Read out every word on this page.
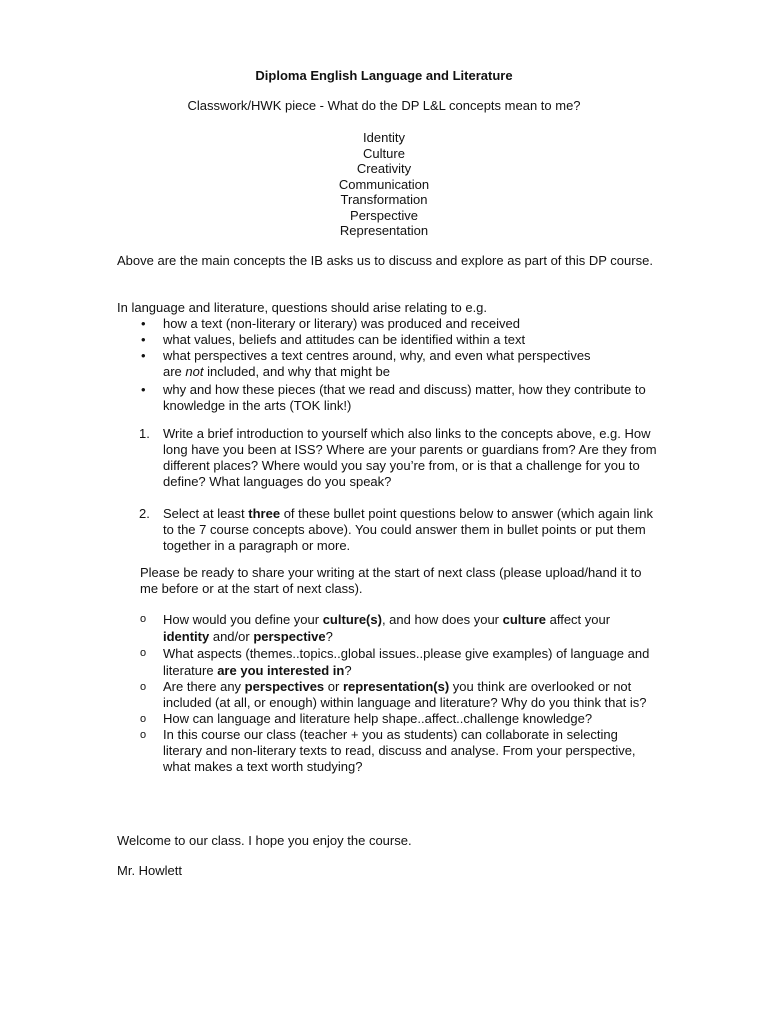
Diploma English Language and Literature
Classwork/HWK piece - What do the DP L&L concepts mean to me?
Identity
Culture
Creativity
Communication
Transformation
Perspective
Representation
Above are the main concepts the IB asks us to discuss and explore as part of this DP course.
In language and literature, questions should arise relating to e.g.
• how a text (non-literary or literary) was produced and received
• what values, beliefs and attitudes can be identified within a text
• what perspectives a text centres around, why, and even what perspectives
are not included, and why that might be
• why and how these pieces (that we read and discuss) matter, how they contribute to knowledge in the arts (TOK link!)
1. Write a brief introduction to yourself which also links to the concepts above, e.g. How long have you been at ISS? Where are your parents or guardians from? Are they from different places? Where would you say you’re from, or is that a challenge for you to define? What languages do you speak?
2. Select at least three of these bullet point questions below to answer (which again link to the 7 course concepts above). You could answer them in bullet points or put them together in a paragraph or more.
Please be ready to share your writing at the start of next class (please upload/hand it to me before or at the start of next class).
o How would you define your culture(s), and how does your culture affect your identity and/or perspective?
o What aspects (themes..topics..global issues..please give examples) of language and literature are you interested in?
o Are there any perspectives or representation(s) you think are overlooked or not included (at all, or enough) within language and literature? Why do you think that is?
o How can language and literature help shape..affect..challenge knowledge?
o In this course our class (teacher + you as students) can collaborate in selecting literary and non-literary texts to read, discuss and analyse. From your perspective, what makes a text worth studying?
Welcome to our class. I hope you enjoy the course.
Mr. Howlett
